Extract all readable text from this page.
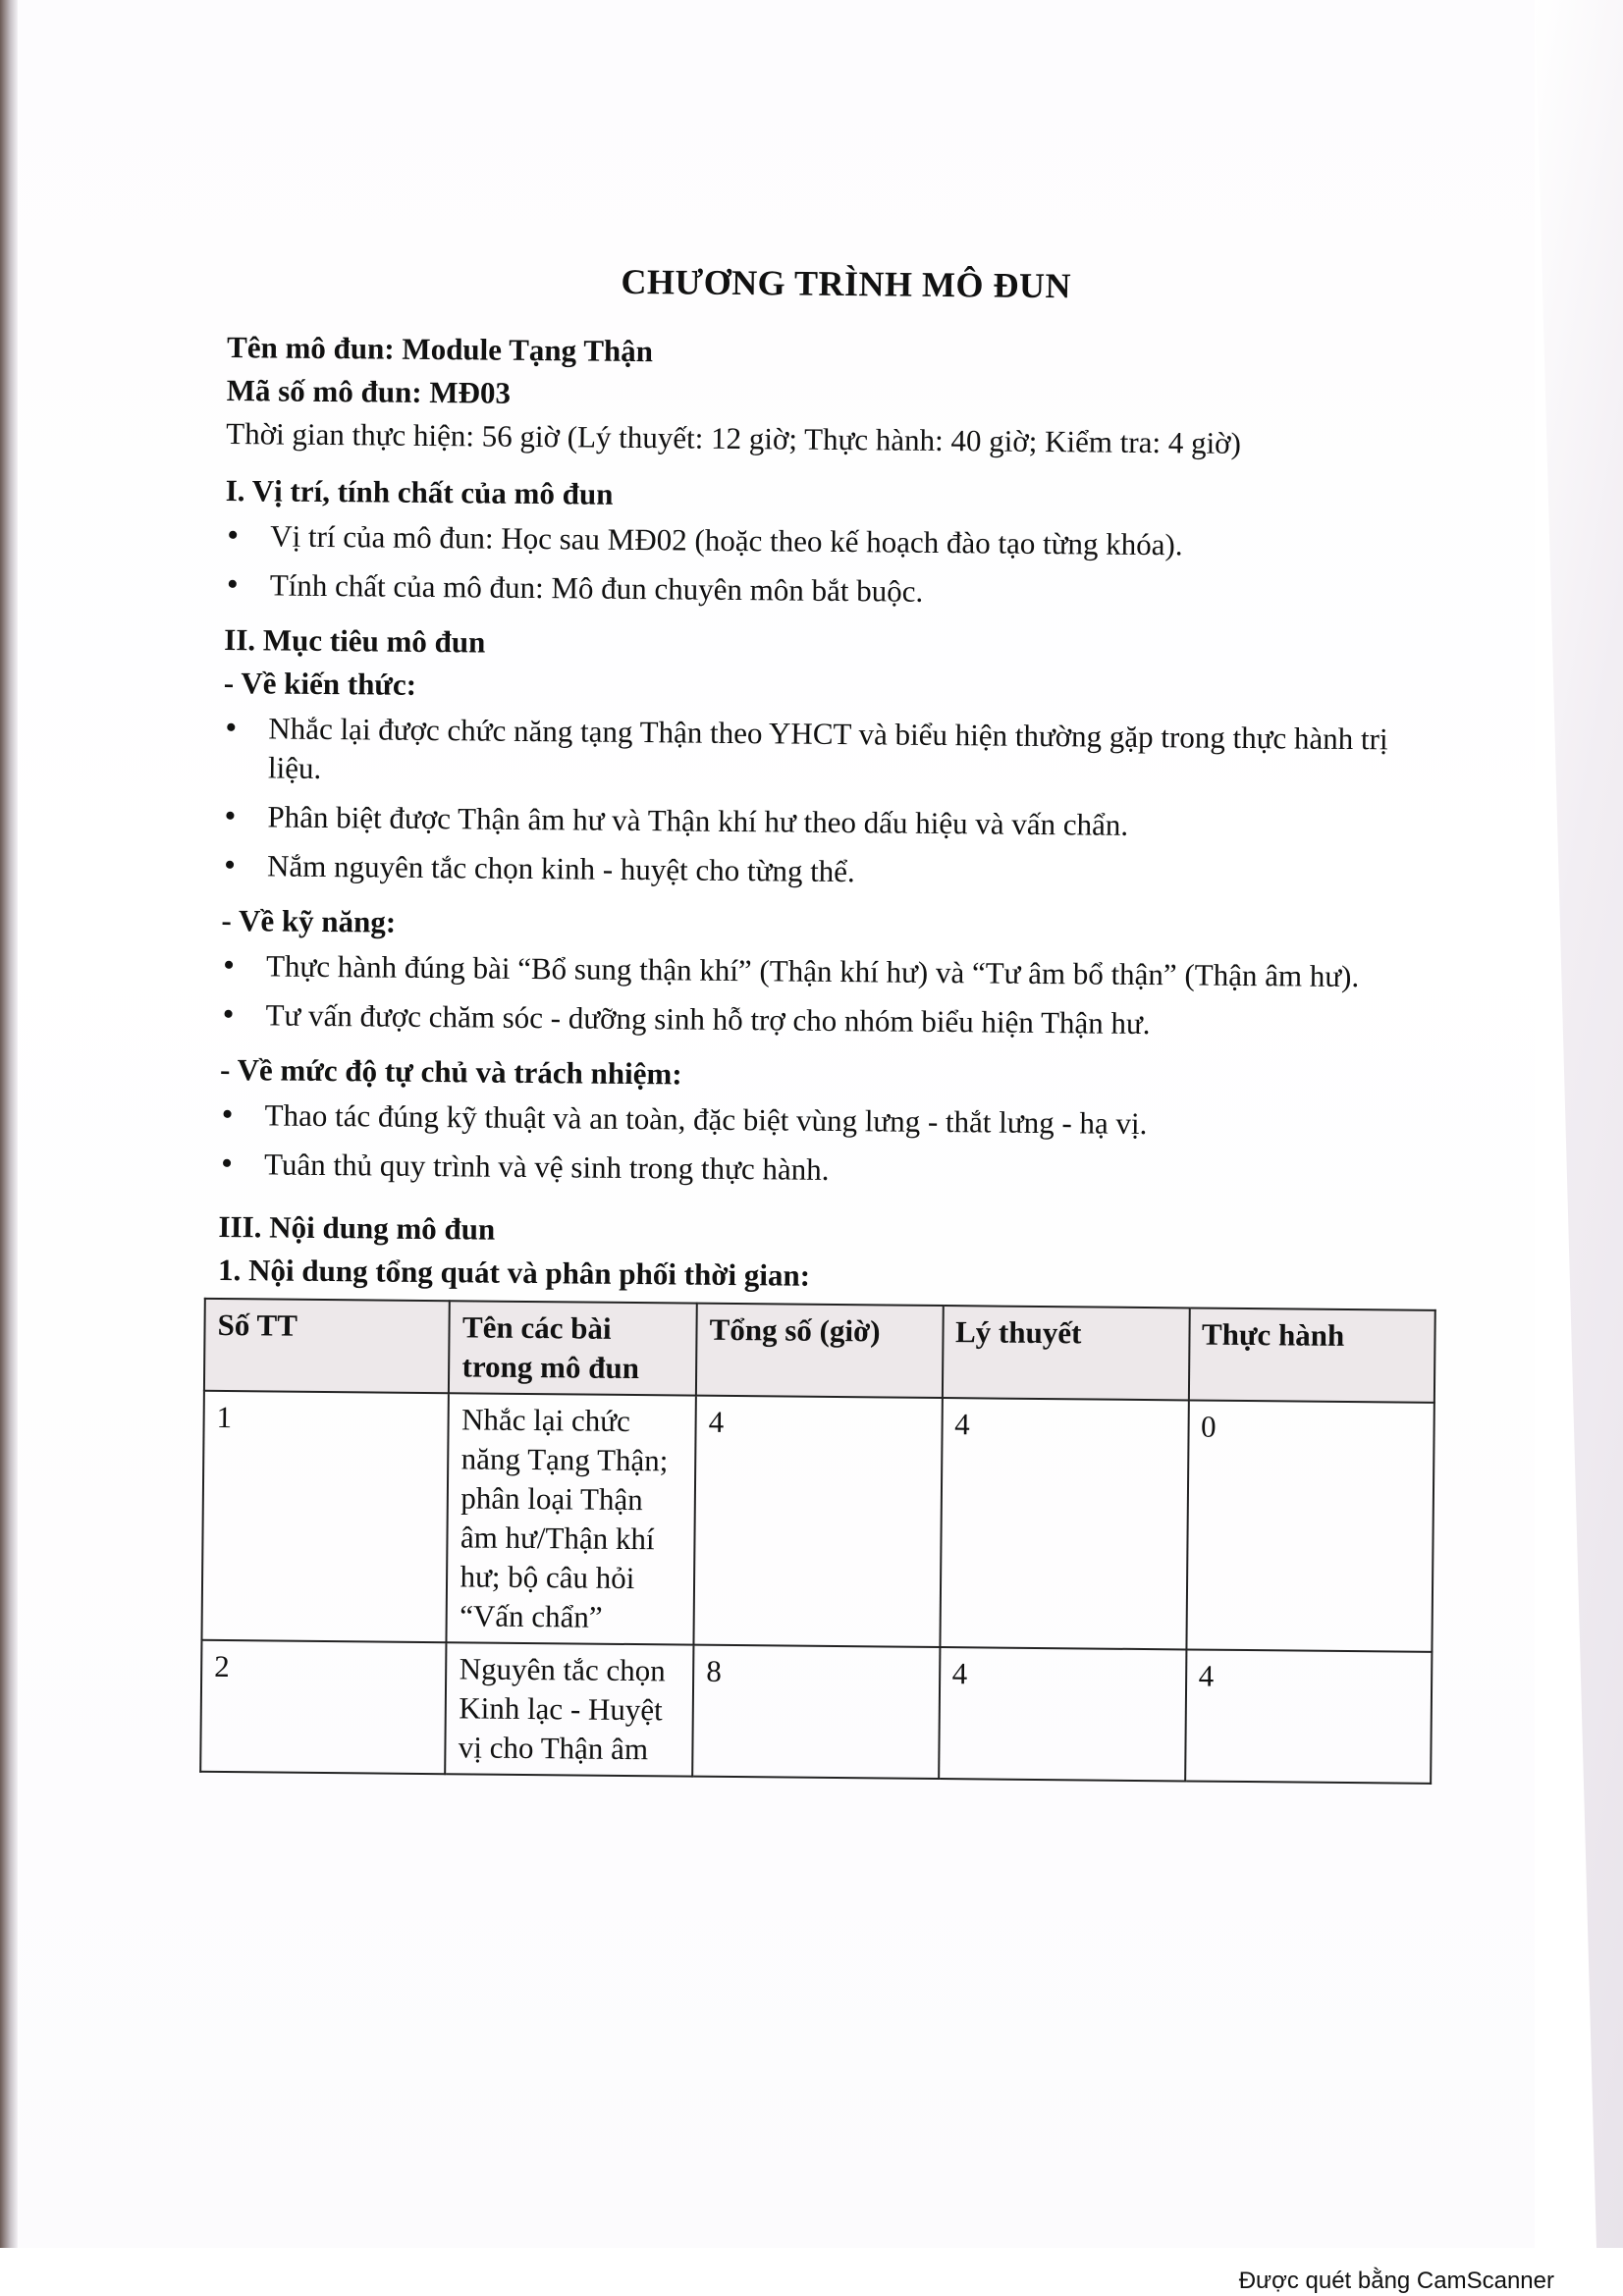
CHƯƠNG TRÌNH MÔ ĐUN
Tên mô đun: Module Tạng Thận
Mã số mô đun: MĐ03
Thời gian thực hiện: 56 giờ (Lý thuyết: 12 giờ; Thực hành: 40 giờ; Kiểm tra: 4 giờ)
I. Vị trí, tính chất của mô đun
• Vị trí của mô đun: Học sau MĐ02 (hoặc theo kế hoạch đào tạo từng khóa).
• Tính chất của mô đun: Mô đun chuyên môn bắt buộc.
II. Mục tiêu mô đun
- Về kiến thức:
• Nhắc lại được chức năng tạng Thận theo YHCT và biểu hiện thường gặp trong thực hành trị liệu.
• Phân biệt được Thận âm hư và Thận khí hư theo dấu hiệu và vấn chẩn.
• Nắm nguyên tắc chọn kinh - huyệt cho từng thể.
- Về kỹ năng:
• Thực hành đúng bài “Bổ sung thận khí” (Thận khí hư) và “Tư âm bổ thận” (Thận âm hư).
• Tư vấn được chăm sóc - dưỡng sinh hỗ trợ cho nhóm biểu hiện Thận hư.
- Về mức độ tự chủ và trách nhiệm:
• Thao tác đúng kỹ thuật và an toàn, đặc biệt vùng lưng - thắt lưng - hạ vị.
• Tuân thủ quy trình và vệ sinh trong thực hành.
III. Nội dung mô đun
1. Nội dung tổng quát và phân phối thời gian:
Số TT	Tên các bài trong mô đun	Tổng số (giờ)	Lý thuyết	Thực hành
1	Nhắc lại chức năng Tạng Thận; phân loại Thận âm hư/Thận khí hư; bộ câu hỏi “Vấn chẩn”	4	4	0
2	Nguyên tắc chọn Kinh lạc - Huyệt vị cho Thận âm	8	4	4
Được quét bằng CamScanner
